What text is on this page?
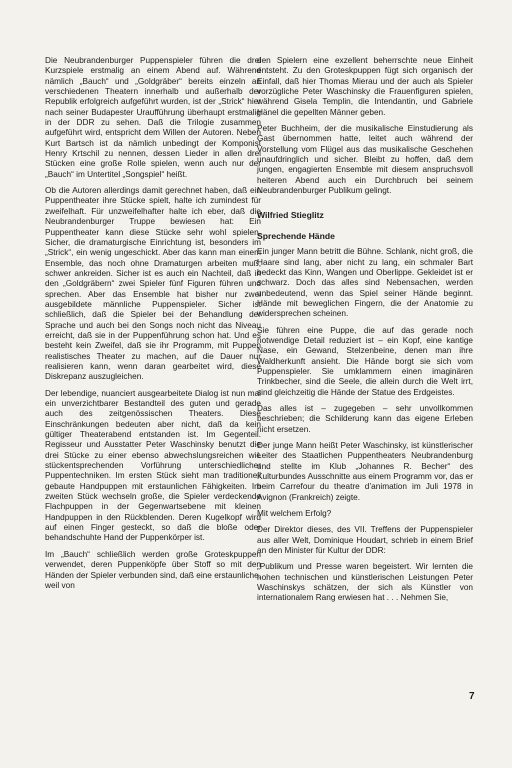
Die Neubrandenburger Puppenspieler führen die drei Kurzspiele erstmalig an einem Abend auf. Während nämlich „Bauch“ und „Goldgräber“ bereits einzeln an verschiedenen Theatern innerhalb und außerhalb der Republik erfolgreich aufgeführt wurden, ist der „Strick“ hier nach seiner Budapester Uraufführung überhaupt erstmalig in der DDR zu sehen. Daß die Trilogie zusammen aufgeführt wird, entspricht dem Willen der Autoren. Neben Kurt Bartsch ist da nämlich unbedingt der Komponist Henry Krtschil zu nennen, dessen Lieder in allen drei Stücken eine große Rolle spielen, wenn auch nur der „Bauch“ im Untertitel „Songspiel“ heißt.

Ob die Autoren allerdings damit gerechnet haben, daß ein Puppentheater ihre Stücke spielt, halte ich zumindest für zweifelhaft. Für unzweifelhafter halte ich eber, daß die Neubrandenburger Truppe bewiesen hat: Ein Puppentheater kann diese Stücke sehr wohl spielen. Sicher, die dramaturgische Einrichtung ist, besonders im „Strick“, ein wenig ungeschickt. Aber das kann man einem Ensemble, das noch ohne Dramaturgen arbeiten muß, schwer ankreiden. Sicher ist es auch ein Nachteil, daß in den „Goldgräbern“ zwei Spieler fünf Figuren führen und sprechen. Aber das Ensemble hat bisher nur zwei ausgebildete männliche Puppenspieler. Sicher ist schließlich, daß die Spieler bei der Behandlung der Sprache und auch bei den Songs noch nicht das Niveau erreicht, daß sie in der Puppenführung schon hat. Und es besteht kein Zweifel, daß sie ihr Programm, mit Puppen realistisches Theater zu machen, auf die Dauer nur realisieren kann, wenn daran gearbeitet wird, diese Diskrepanz auszugleichen.

Der lebendige, nuanciert ausgearbeitete Dialog ist nun mal ein unverzichtbarer Bestandteil des guten und gerade auch des zeitgenössischen Theaters. Diese Einschränkungen bedeuten aber nicht, daß da kein gültiger Theaterabend entstanden ist. Im Gegenteil. Regisseur und Ausstatter Peter Waschinsky benutzt die drei Stücke zu einer ebenso abwechslungsreichen wie stückentsprechenden Vorführung unterschiedlicher Puppentechniken. Im ersten Stück sieht man traditionell gebaute Handpuppen mit erstaunlichen Fähigkeiten. Im zweiten Stück wechseln große, die Spieler verdeckende Flachpuppen in der Gegenwartsebene mit kleinen Handpuppen in den Rückblenden. Deren Kugelkopf wird auf einen Finger gesteckt, so daß die bloße oder behandschuhte Hand der Puppenkörper ist.

Im „Bauch“ schließlich werden große Groteskpuppen verwendet, deren Puppenköpfe über Stoff so mit den Händen der Spieler verbunden sind, daß eine erstaunliche, weil von

den Spielern eine exzellent beherrschte neue Einheit entsteht. Zu den Groteskpuppen fügt sich organisch der Einfall, daß hier Thomas Mierau und der auch als Spieler vorzügliche Peter Waschinsky die Frauenfiguren spielen, während Gisela Templin, die Intendantin, und Gabriele Hänel die gepellten Männer geben.

Peter Buchheim, der die musikalische Einstudierung als Gast übernommen hatte, leitet auch während der Vorstellung vom Flügel aus das musikalische Geschehen unaufdringlich und sicher. Bleibt zu hoffen, daß dem jungen, engagierten Ensemble mit diesem anspruchsvoll heiteren Abend auch ein Durchbruch bei seinem Neubrandenburger Publikum gelingt.

Wilfried Stieglitz
Sprechende Hände

Ein junger Mann betritt die Bühne. Schlank, nicht groß, die Haare sind lang, aber nicht zu lang, ein schmaler Bart bedeckt das Kinn, Wangen und Oberlippe. Gekleidet ist er schwarz. Doch das alles sind Nebensachen, werden unbedeutend, wenn das Spiel seiner Hände beginnt. Hände mit beweglichen Fingern, die der Anatomie zu widersprechen scheinen.

Sie führen eine Puppe, die auf das gerade noch notwendige Detail reduziert ist – ein Kopf, eine kantige Nase, ein Gewand, Stelzenbeine, denen man ihre Waldherkunft ansieht. Die Hände borgt sie sich vom Puppenspieler. Sie umklammern einen imaginären Trinkbecher, sind die Seele, die allein durch die Welt irrt, sind gleichzeitig die Hände der Statue des Erdgeistes.

Das alles ist – zugegeben – sehr unvollkommen beschrieben; die Schilderung kann das eigene Erleben nicht ersetzen.

Der junge Mann heißt Peter Waschinsky, ist künstlerischer Leiter des Staatlichen Puppentheaters Neubrandenburg und stellte im Klub „Johannes R. Becher“ des Kulturbundes Ausschnitte aus einem Programm vor, das er beim Carrefour du theatre d’animation im Juli 1978 in Avignon (Frankreich) zeigte.

Mit welchem Erfolg?

Der Direktor dieses, des VII. Treffens der Puppenspieler aus aller Welt, Dominique Houdart, schrieb in einem Brief an den Minister für Kultur der DDR:

„Publikum und Presse waren begeistert. Wir lernten die hohen technischen und künstlerischen Leistungen Peter Waschinskys schätzen, der sich als Künstler von internationalem Rang erwiesen hat . . . Nehmen Sie,

7
